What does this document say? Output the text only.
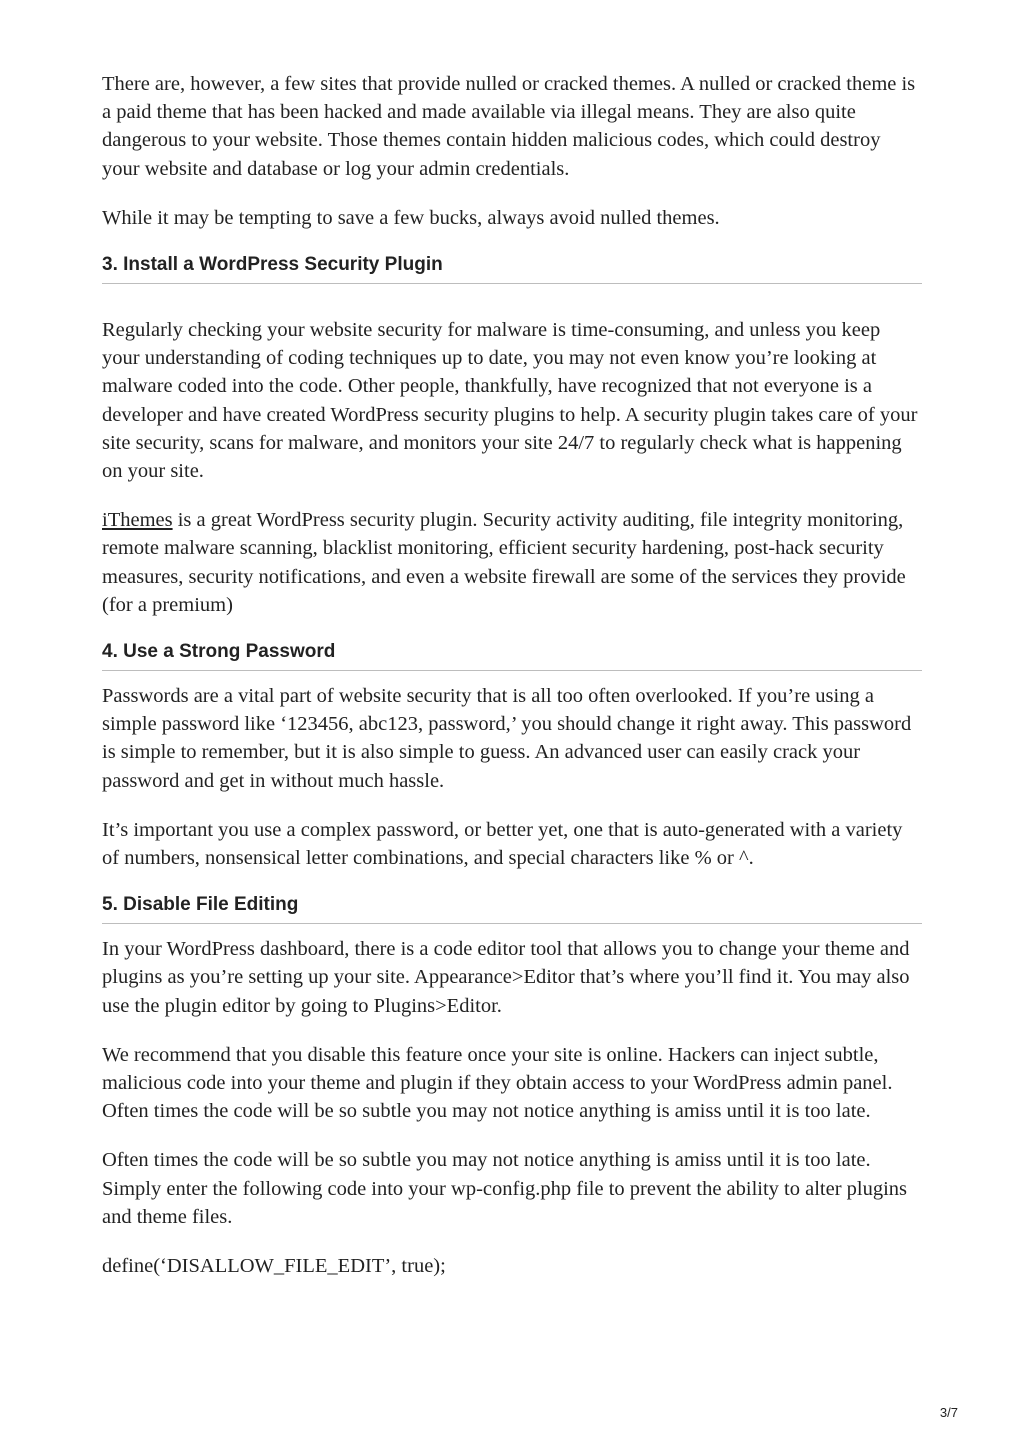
There are, however, a few sites that provide nulled or cracked themes. A nulled or cracked theme is a paid theme that has been hacked and made available via illegal means. They are also quite dangerous to your website. Those themes contain hidden malicious codes, which could destroy your website and database or log your admin credentials.

While it may be tempting to save a few bucks, always avoid nulled themes.

3. Install a WordPress Security Plugin

Regularly checking your website security for malware is time-consuming, and unless you keep your understanding of coding techniques up to date, you may not even know you’re looking at malware coded into the code. Other people, thankfully, have recognized that not everyone is a developer and have created WordPress security plugins to help. A security plugin takes care of your site security, scans for malware, and monitors your site 24/7 to regularly check what is happening on your site.

iThemes is a great WordPress security plugin. Security activity auditing, file integrity monitoring, remote malware scanning, blacklist monitoring, efficient security hardening, post-hack security measures, security notifications, and even a website firewall are some of the services they provide (for a premium)

4. Use a Strong Password

Passwords are a vital part of website security that is all too often overlooked. If you’re using a simple password like ‘123456, abc123, password,’ you should change it right away. This password is simple to remember, but it is also simple to guess. An advanced user can easily crack your password and get in without much hassle.

It’s important you use a complex password, or better yet, one that is auto-generated with a variety of numbers, nonsensical letter combinations, and special characters like % or ^.

5. Disable File Editing

In your WordPress dashboard, there is a code editor tool that allows you to change your theme and plugins as you’re setting up your site. Appearance>Editor that’s where you’ll find it. You may also use the plugin editor by going to Plugins>Editor.

We recommend that you disable this feature once your site is online. Hackers can inject subtle, malicious code into your theme and plugin if they obtain access to your WordPress admin panel. Often times the code will be so subtle you may not notice anything is amiss until it is too late.

Often times the code will be so subtle you may not notice anything is amiss until it is too late. Simply enter the following code into your wp-config.php file to prevent the ability to alter plugins and theme files.

define(‘DISALLOW_FILE_EDIT’, true);

3/7
